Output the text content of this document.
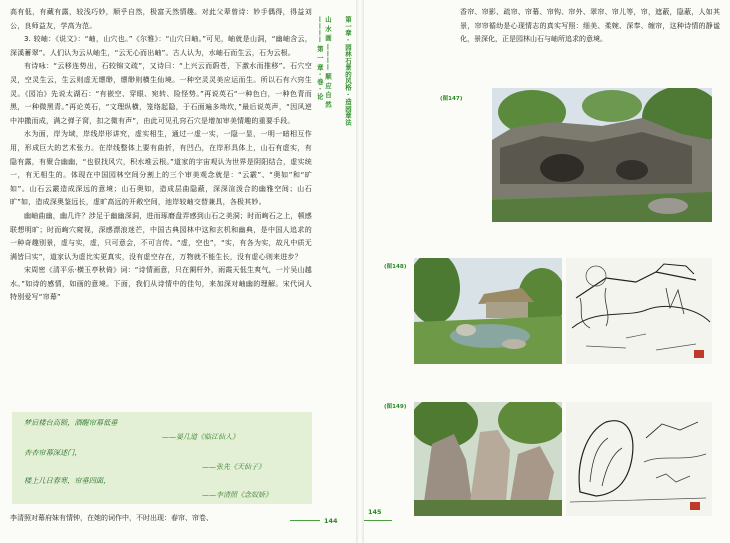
高有低，有藏有露，较浅巧妙，顺乎自然，极富天然情趣。对此父辈曾诗：妙手偶得，得益刘公，良师益友，学高为范。

3. 较岫：《说文》：“岫，山穴也。”《尔雅》：“山穴曰岫。”可见，岫就是山洞，“幽岫含云，深溪蓄翠”。人们认为云从岫生，“云无心而出岫”。古人认为，水岫石而生云，石为云根。

有诗咏：“云移连势出，石较锦文疏”，又诗曰：“上兴云而蔚苍，下激水而推移”。石穴空灵，空灵生云，生云则虚无缥缈，缥缈则横生仙境。一种空灵灵美应运而生。所以石有六窍生灵。《园冶》先说太湖石：“有嵌空、穿眼、宛转、险怪势。”再说英石“一种色白，一种色青而黑，一种微黑青。”再论英石，“文理纵横，笼络起隐，于石面遍多坳坎，”最后说英声，“因风逆中冲撒而成，满之弹子窝，扣之微有声”，由此可见孔窍石穴是增加审美情趣的重要手段。

水为面，岸为域，岸线岸形讲究，虚实相生，通过一虚一实，一隐一显，一明一暗相互作用，形成巨大的艺术张力。在岸线整体上要有曲折，有凹凸，在岸形具体上，山石有虚实，有隐有露，有聚合幽幽，“也很找风穴，积水堆云根。”道家的宇宙观认为世界是阴阳结合，虚实统一，有无相生的。体现在中国园林空间分割上的三个审美观念就是：“云霰”、“奥如”和“旷如”。山石云霰造成深远的意境；山石奥如，造成层曲隐蔽，深深渲泼合的幽雅空间；山石旷”如，造成深奥鉴远长，虚旷高远的开敞空间，池岸较岫交替兼具，各极其妙。

幽岫曲幽，幽几许？涉足于幽幽深洞，进而琢磨盘弄感到山石之美洞；时而峋石之上，顿感联想明旷；时而峋穴窥视，深感漂浪迷芒，中国古典园林中这和玄机和幽典，是中国人追求的一种奇趣别景，虚与实，虚，只可意会，不可言传。“虚，空也”，“实，有各为实，故凡中质无满皆曰实”，道家认为虚比实更真实，没有虚空存在，万物就不能生长，没有虚心则来进步？

宋周密《清平乐·横玉亭秋倚》词：“诗情画意，只在阑杆外，雨霞天低生爽气，一片吴山越水。”如诗的感情，如画的意境。下面，我们从诗情中的佳句，来加深对岫幽的理解。宋代词人特别爱写“帘幕”

梦后楼台高锁，酒醒帘幕低垂
——晏几道《临江仙人》
杏杏帘幕深述门，
——张先《天仙子》
楼上几日春寒，帘垂四面，
——李清照《念奴娇》
李清照对幕府妹有情钟，在她的词作中，不时出现：春帘、帘卷、
山 水 画 ———— 顺 应 自 然 ———— 第 一 章 · 巻 · 论	第一章 · 园林石景的风格 · 造园章法
144
145
香帘、帘影、疏帘、帘幕、帘钩、帘外、翠帘、帘儿等，帘，遮蔽，隐蔽，人如其景，帘帘循幼是心现情志的真实写照：细美、柔婉、深奉、缠帘，这种诗情的静谧化，景深化，正是园林山石与岫所追求的意境。
(图147)
(图148)
(图149)
